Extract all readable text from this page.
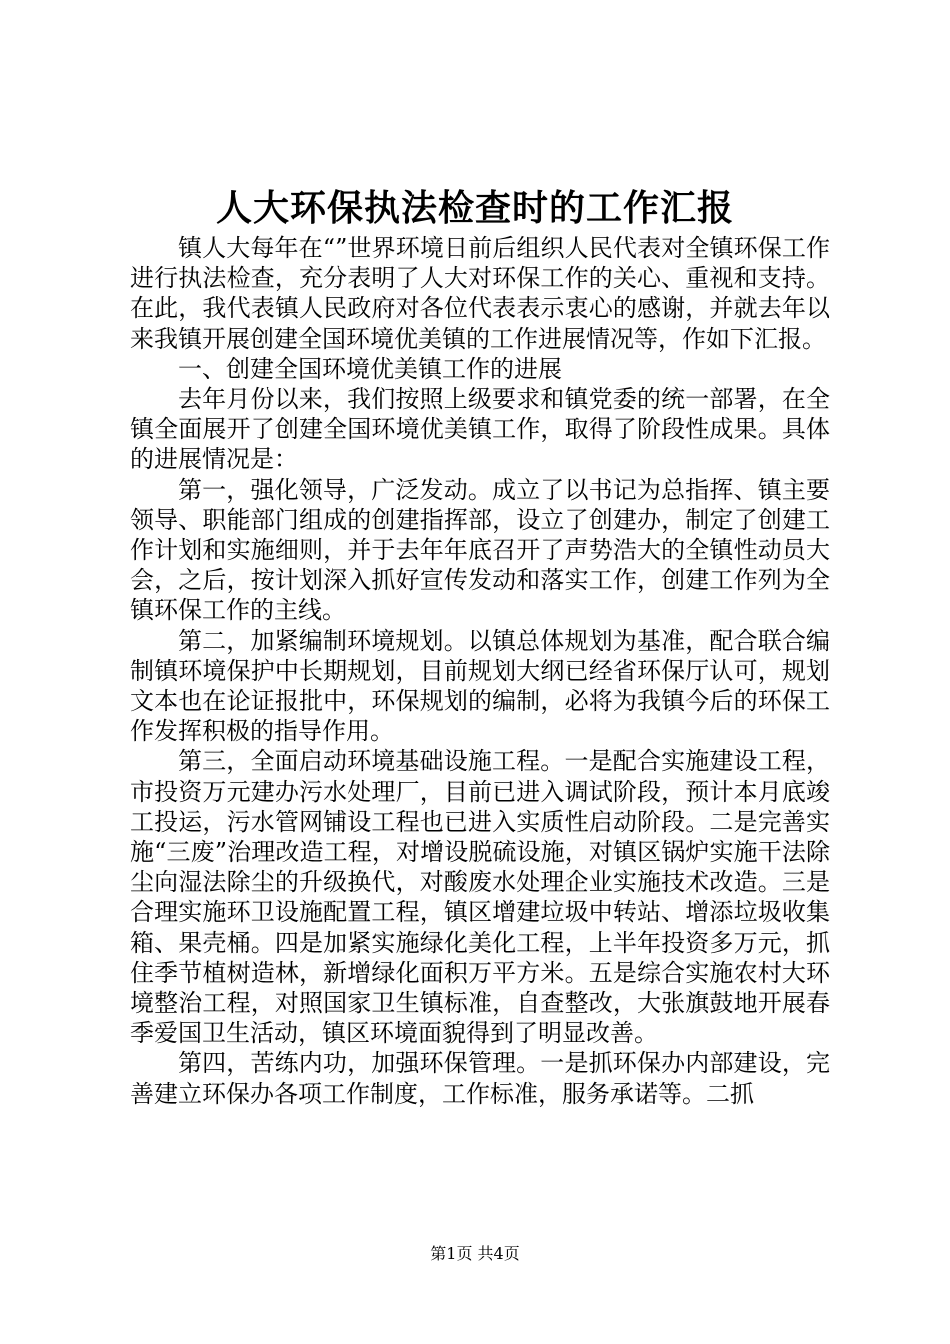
人大环保执法检查时的工作汇报

镇人大每年在“”世界环境日前后组织人民代表对全镇环保工作进行执法检查，充分表明了人大对环保工作的关心、重视和支持。在此，我代表镇人民政府对各位代表表示衷心的感谢，并就去年以来我镇开展创建全国环境优美镇的工作进展情况等，作如下汇报。

一、创建全国环境优美镇工作的进展

去年月份以来，我们按照上级要求和镇党委的统一部署，在全镇全面展开了创建全国环境优美镇工作，取得了阶段性成果。具体的进展情况是：

第一，强化领导，广泛发动。成立了以书记为总指挥、镇主要领导、职能部门组成的创建指挥部，设立了创建办，制定了创建工作计划和实施细则，并于去年年底召开了声势浩大的全镇性动员大会，之后，按计划深入抓好宣传发动和落实工作，创建工作列为全镇环保工作的主线。

第二，加紧编制环境规划。以镇总体规划为基准，配合联合编制镇环境保护中长期规划，目前规划大纲已经省环保厅认可，规划文本也在论证报批中，环保规划的编制，必将为我镇今后的环保工作发挥积极的指导作用。

第三，全面启动环境基础设施工程。一是配合实施建设工程，市投资万元建办污水处理厂，目前已进入调试阶段，预计本月底竣工投运，污水管网铺设工程也已进入实质性启动阶段。二是完善实施“三废”治理改造工程，对增设脱硫设施，对镇区锅炉实施干法除尘向湿法除尘的升级换代，对酸废水处理企业实施技术改造。三是合理实施环卫设施配置工程，镇区增建垃圾中转站、增添垃圾收集箱、果壳桶。四是加紧实施绿化美化工程，上半年投资多万元，抓住季节植树造林，新增绿化面积万平方米。五是综合实施农村大环境整治工程，对照国家卫生镇标准，自查整改，大张旗鼓地开展春季爱国卫生活动，镇区环境面貌得到了明显改善。

第四，苦练内功，加强环保管理。一是抓环保办内部建设，完善建立环保办各项工作制度，工作标准，服务承诺等。二抓

第1页 共4页
